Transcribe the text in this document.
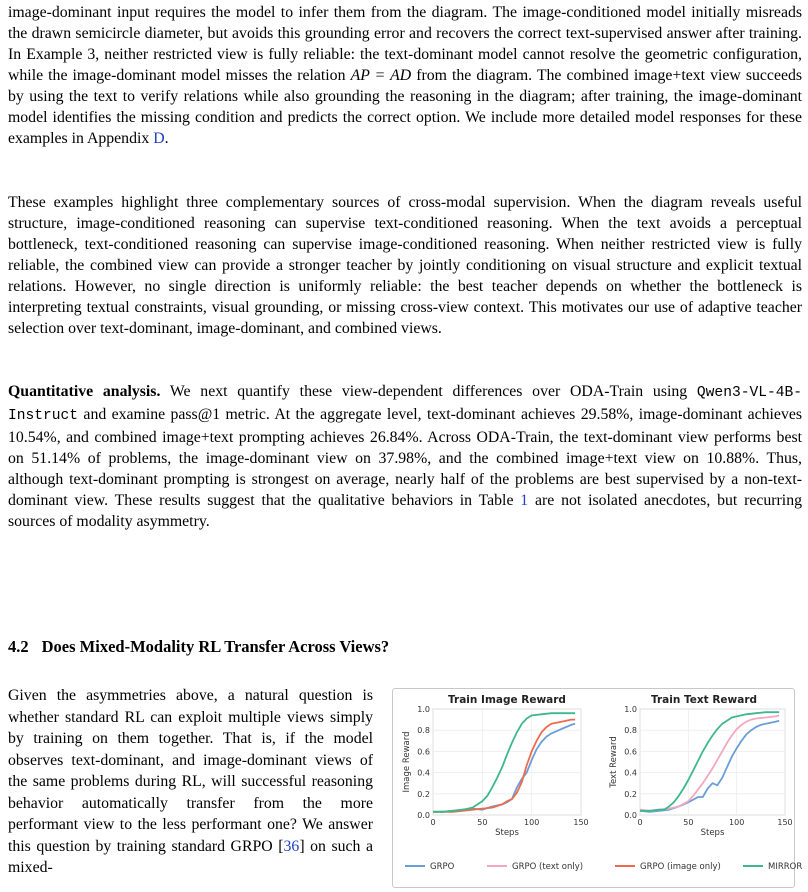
image-dominant input requires the model to infer them from the diagram. The image-conditioned model initially misreads the drawn semicircle diameter, but avoids this grounding error and recovers the correct text-supervised answer after training. In Example 3, neither restricted view is fully reliable: the text-dominant model cannot resolve the geometric configuration, while the image-dominant model misses the relation AP = AD from the diagram. The combined image+text view succeeds by using the text to verify relations while also grounding the reasoning in the diagram; after training, the image-dominant model identifies the missing condition and predicts the correct option. We include more detailed model responses for these examples in Appendix D.

These examples highlight three complementary sources of cross-modal supervision. When the diagram reveals useful structure, image-conditioned reasoning can supervise text-conditioned reasoning. When the text avoids a perceptual bottleneck, text-conditioned reasoning can supervise image-conditioned reasoning. When neither restricted view is fully reliable, the combined view can provide a stronger teacher by jointly conditioning on visual structure and explicit textual relations. However, no single direction is uniformly reliable: the best teacher depends on whether the bottleneck is interpreting textual constraints, visual grounding, or missing cross-view context. This motivates our use of adaptive teacher selection over text-dominant, image-dominant, and combined views.

Quantitative analysis. We next quantify these view-dependent differences over ODA-Train using Qwen3-VL-4B-Instruct and examine pass@1 metric. At the aggregate level, text-dominant achieves 29.58%, image-dominant achieves 10.54%, and combined image+text prompting achieves 26.84%. Across ODA-Train, the text-dominant view performs best on 51.14% of problems, the image-dominant view on 37.98%, and the combined image+text view on 10.88%. Thus, although text-dominant prompting is strongest on average, nearly half of the problems are best supervised by a non-text-dominant view. These results suggest that the qualitative behaviors in Table 1 are not isolated anecdotes, but recurring sources of modality asymmetry.

4.2 Does Mixed-Modality RL Transfer Across Views?

Given the asymmetries above, a natural question is whether standard RL can exploit multiple views simply by training on them together. That is, if the model observes text-dominant, and image-dominant views of the same problems during RL, will successful reasoning behavior automatically transfer from the more performant view to the less performant one? We answer this question by training standard GRPO [36] on such a mixed-

Train Image Reward
0.0
0.2
0.4
0.6
0.8
1.0
0	50	100	150
Steps
Image Reward
Train Text Reward
0.0
0.2
0.4
0.6
0.8
1.0
0	50	100	150
Steps
Text Reward
GRPO	GRPO (text only)	GRPO (image only)	MIRROR
